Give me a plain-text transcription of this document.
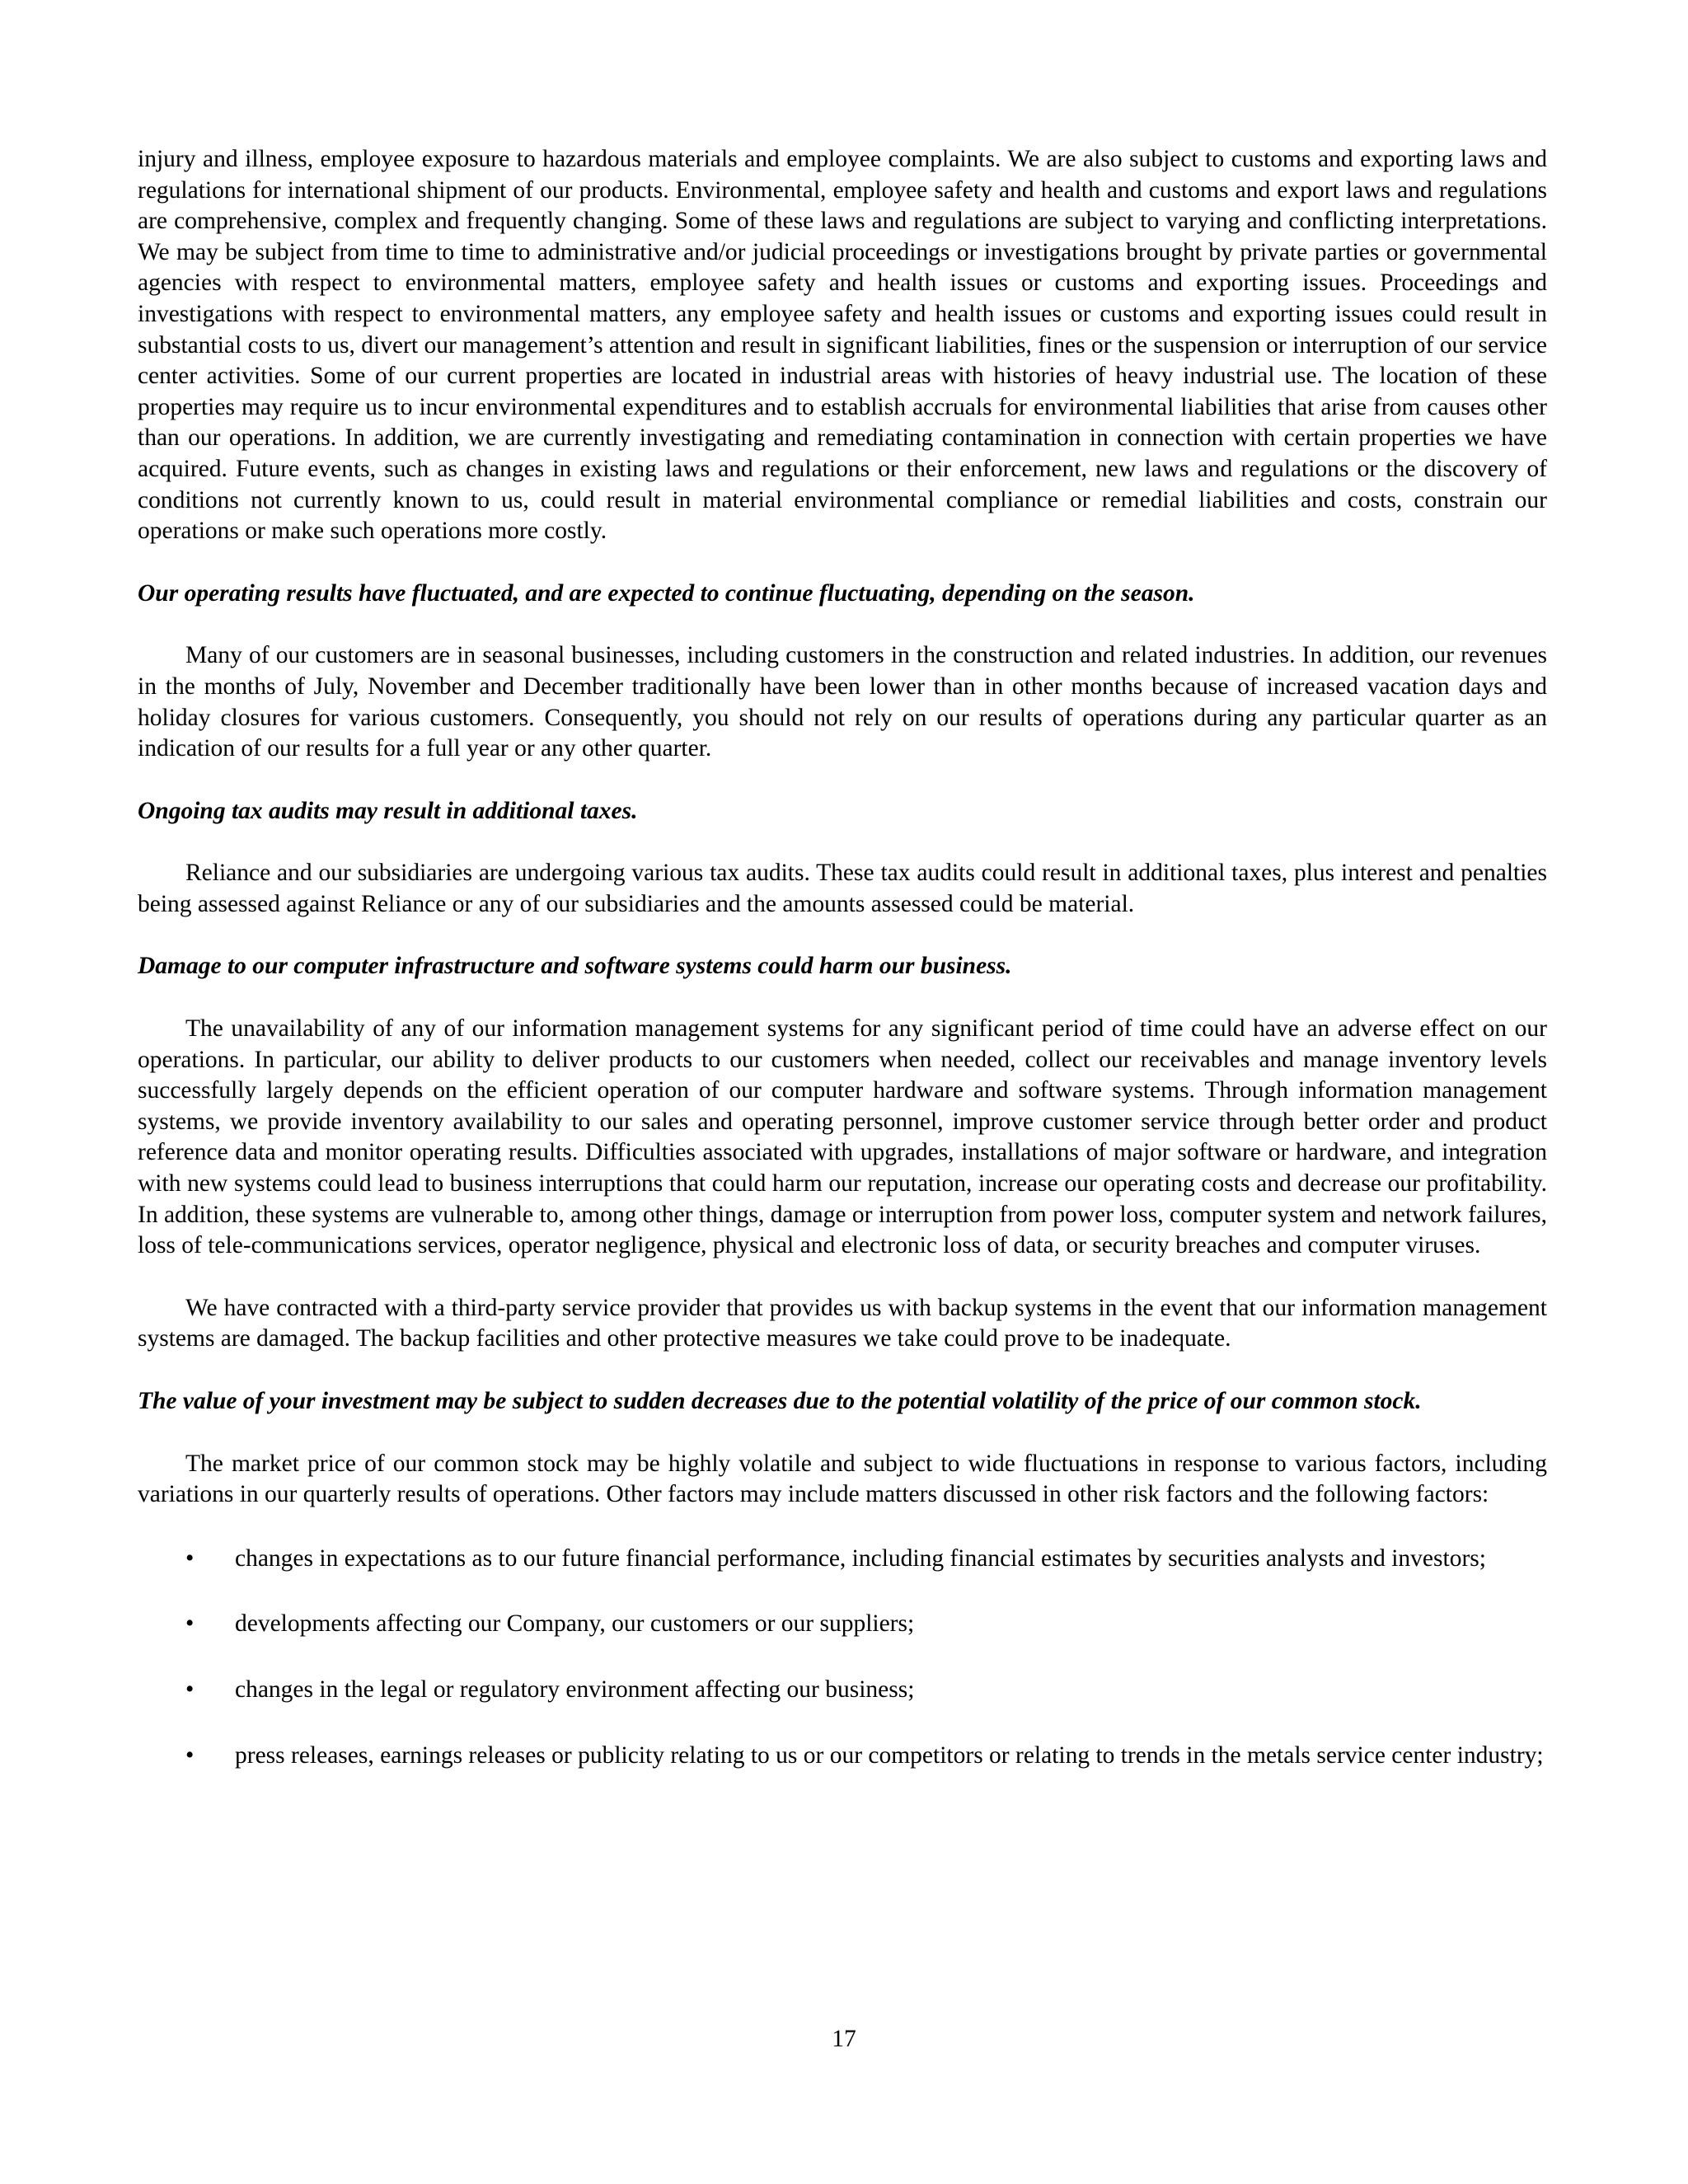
injury and illness, employee exposure to hazardous materials and employee complaints. We are also subject to customs and exporting laws and regulations for international shipment of our products. Environmental, employee safety and health and customs and export laws and regulations are comprehensive, complex and frequently changing. Some of these laws and regulations are subject to varying and conflicting interpretations. We may be subject from time to time to administrative and/or judicial proceedings or investigations brought by private parties or governmental agencies with respect to environmental matters, employee safety and health issues or customs and exporting issues. Proceedings and investigations with respect to environmental matters, any employee safety and health issues or customs and exporting issues could result in substantial costs to us, divert our management’s attention and result in significant liabilities, fines or the suspension or interruption of our service center activities. Some of our current properties are located in industrial areas with histories of heavy industrial use. The location of these properties may require us to incur environmental expenditures and to establish accruals for environmental liabilities that arise from causes other than our operations. In addition, we are currently investigating and remediating contamination in connection with certain properties we have acquired. Future events, such as changes in existing laws and regulations or their enforcement, new laws and regulations or the discovery of conditions not currently known to us, could result in material environmental compliance or remedial liabilities and costs, constrain our operations or make such operations more costly.

Our operating results have fluctuated, and are expected to continue fluctuating, depending on the season.

Many of our customers are in seasonal businesses, including customers in the construction and related industries. In addition, our revenues in the months of July, November and December traditionally have been lower than in other months because of increased vacation days and holiday closures for various customers. Consequently, you should not rely on our results of operations during any particular quarter as an indication of our results for a full year or any other quarter.

Ongoing tax audits may result in additional taxes.

Reliance and our subsidiaries are undergoing various tax audits. These tax audits could result in additional taxes, plus interest and penalties being assessed against Reliance or any of our subsidiaries and the amounts assessed could be material.

Damage to our computer infrastructure and software systems could harm our business.

The unavailability of any of our information management systems for any significant period of time could have an adverse effect on our operations. In particular, our ability to deliver products to our customers when needed, collect our receivables and manage inventory levels successfully largely depends on the efficient operation of our computer hardware and software systems. Through information management systems, we provide inventory availability to our sales and operating personnel, improve customer service through better order and product reference data and monitor operating results. Difficulties associated with upgrades, installations of major software or hardware, and integration with new systems could lead to business interruptions that could harm our reputation, increase our operating costs and decrease our profitability. In addition, these systems are vulnerable to, among other things, damage or interruption from power loss, computer system and network failures, loss of tele-communications services, operator negligence, physical and electronic loss of data, or security breaches and computer viruses.

We have contracted with a third-party service provider that provides us with backup systems in the event that our information management systems are damaged. The backup facilities and other protective measures we take could prove to be inadequate.

The value of your investment may be subject to sudden decreases due to the potential volatility of the price of our common stock.

The market price of our common stock may be highly volatile and subject to wide fluctuations in response to various factors, including variations in our quarterly results of operations. Other factors may include matters discussed in other risk factors and the following factors:

• changes in expectations as to our future financial performance, including financial estimates by securities analysts and investors;
• developments affecting our Company, our customers or our suppliers;
• changes in the legal or regulatory environment affecting our business;
• press releases, earnings releases or publicity relating to us or our competitors or relating to trends in the metals service center industry;
17
